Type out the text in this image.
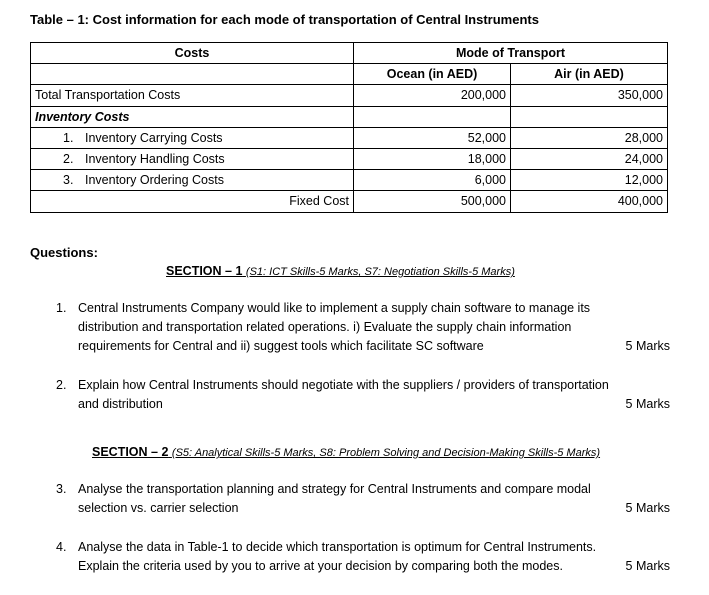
Table – 1: Cost information for each mode of transportation of Central Instruments
Costs	Mode of Transport	
	Ocean (in AED)	Air (in AED)
Total Transportation Costs	200,000	350,000
Inventory Costs		
1. Inventory Carrying Costs	52,000	28,000
2. Inventory Handling Costs	18,000	24,000
3. Inventory Ordering Costs	6,000	12,000
Fixed Cost	500,000	400,000
Questions:
SECTION – 1 (S1: ICT Skills-5 Marks, S7: Negotiation Skills-5 Marks)
1. Central Instruments Company would like to implement a supply chain software to manage its
distribution and transportation related operations. i) Evaluate the supply chain information
requirements for Central and ii) suggest tools which facilitate SC software	5 Marks
2. Explain how Central Instruments should negotiate with the suppliers / providers of transportation
and distribution	5 Marks
SECTION – 2 (S5: Analytical Skills-5 Marks, S8: Problem Solving and Decision-Making Skills-5 Marks)
3. Analyse the transportation planning and strategy for Central Instruments and compare modal
selection vs. carrier selection	5 Marks
4. Analyse the data in Table-1 to decide which transportation is optimum for Central Instruments.
Explain the criteria used by you to arrive at your decision by comparing both the modes.	5 Marks
